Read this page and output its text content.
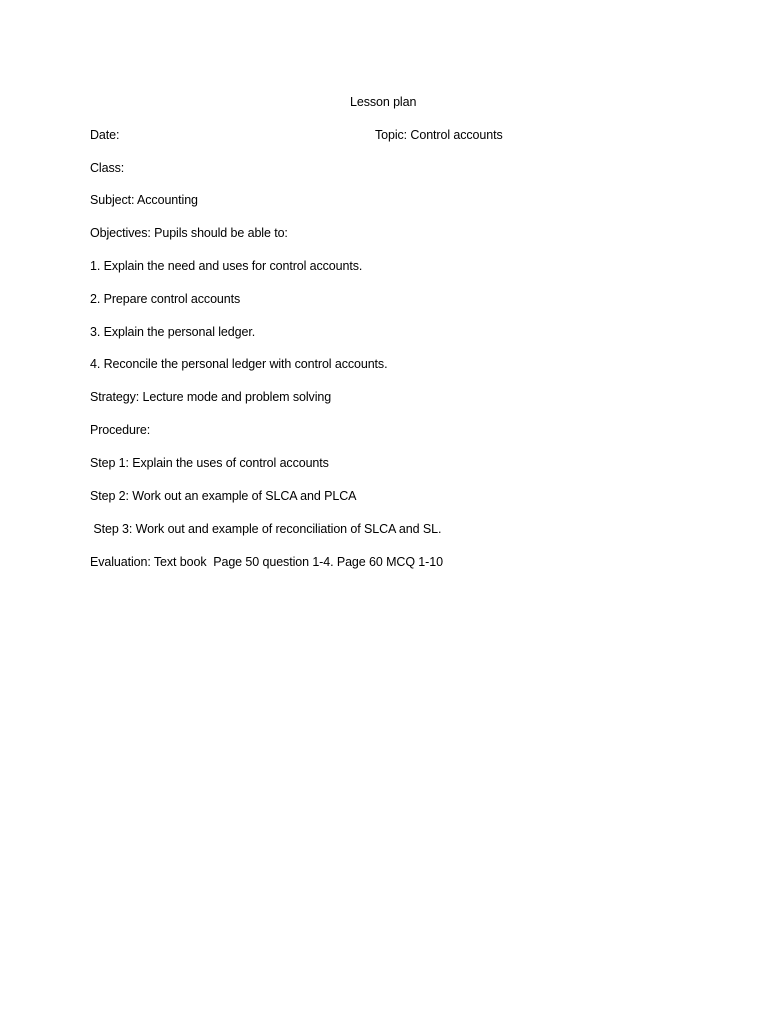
Lesson plan
Date:	Topic: Control accounts
Class:
Subject: Accounting
Objectives: Pupils should be able to:
1. Explain the need and uses for control accounts.
2. Prepare control accounts
3. Explain the personal ledger.
4. Reconcile the personal ledger with control accounts.
Strategy: Lecture mode and problem solving
Procedure:
Step 1: Explain the uses of control accounts
Step 2: Work out an example of SLCA and PLCA
Step 3: Work out and example of reconciliation of SLCA and SL.
Evaluation: Text book  Page 50 question 1-4. Page 60 MCQ 1-10
